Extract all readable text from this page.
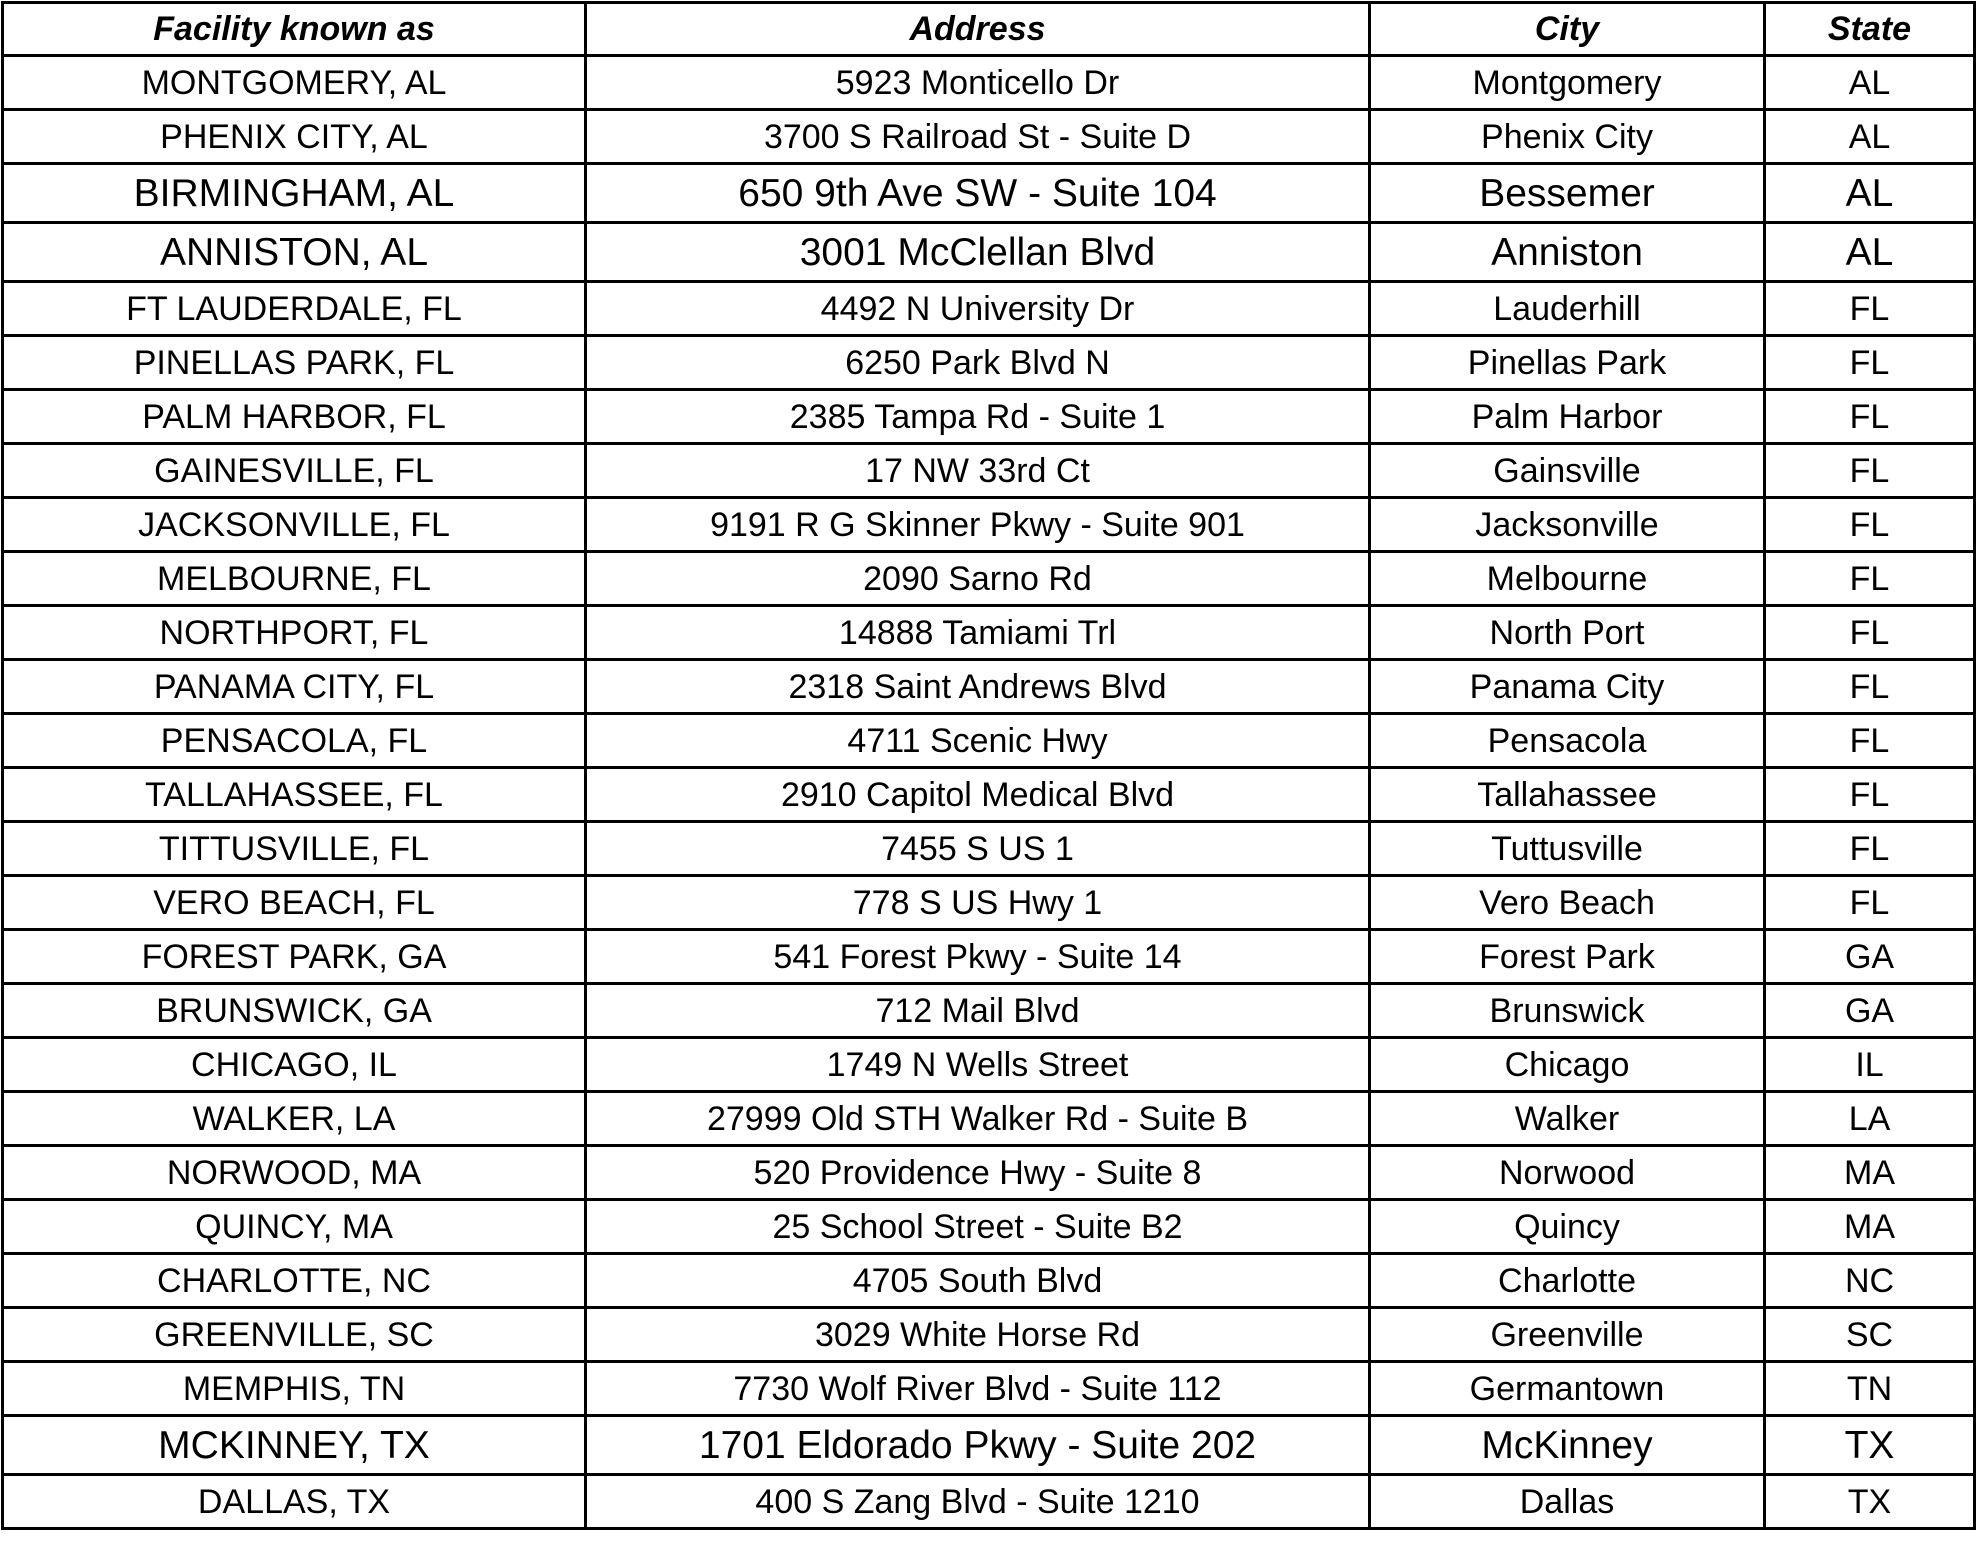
Facility known as	Address	City	State
MONTGOMERY, AL	5923 Monticello Dr	Montgomery	AL
PHENIX CITY, AL	3700 S Railroad St - Suite D	Phenix City	AL
BIRMINGHAM, AL	650 9th Ave SW - Suite 104	Bessemer	AL
ANNISTON, AL	3001 McClellan Blvd	Anniston	AL
FT LAUDERDALE, FL	4492 N University Dr	Lauderhill	FL
PINELLAS PARK, FL	6250 Park Blvd N	Pinellas Park	FL
PALM HARBOR, FL	2385 Tampa Rd - Suite 1	Palm Harbor	FL
GAINESVILLE, FL	17 NW 33rd Ct	Gainsville	FL
JACKSONVILLE, FL	9191 R G Skinner Pkwy - Suite 901	Jacksonville	FL
MELBOURNE, FL	2090 Sarno Rd	Melbourne	FL
NORTHPORT, FL	14888 Tamiami Trl	North Port	FL
PANAMA CITY, FL	2318 Saint Andrews Blvd	Panama City	FL
PENSACOLA, FL	4711 Scenic Hwy	Pensacola	FL
TALLAHASSEE, FL	2910 Capitol Medical Blvd	Tallahassee	FL
TITTUSVILLE, FL	7455 S US 1	Tuttusville	FL
VERO BEACH, FL	778 S US Hwy 1	Vero Beach	FL
FOREST PARK, GA	541 Forest Pkwy - Suite 14	Forest Park	GA
BRUNSWICK, GA	712 Mail Blvd	Brunswick	GA
CHICAGO, IL	1749 N Wells Street	Chicago	IL
WALKER, LA	27999 Old STH Walker Rd - Suite B	Walker	LA
NORWOOD, MA	520 Providence Hwy - Suite 8	Norwood	MA
QUINCY, MA	25 School Street - Suite B2	Quincy	MA
CHARLOTTE, NC	4705 South Blvd	Charlotte	NC
GREENVILLE, SC	3029 White Horse Rd	Greenville	SC
MEMPHIS, TN	7730 Wolf River Blvd - Suite 112	Germantown	TN
MCKINNEY, TX	1701 Eldorado Pkwy - Suite 202	McKinney	TX
DALLAS, TX	400 S Zang Blvd - Suite 1210	Dallas	TX
